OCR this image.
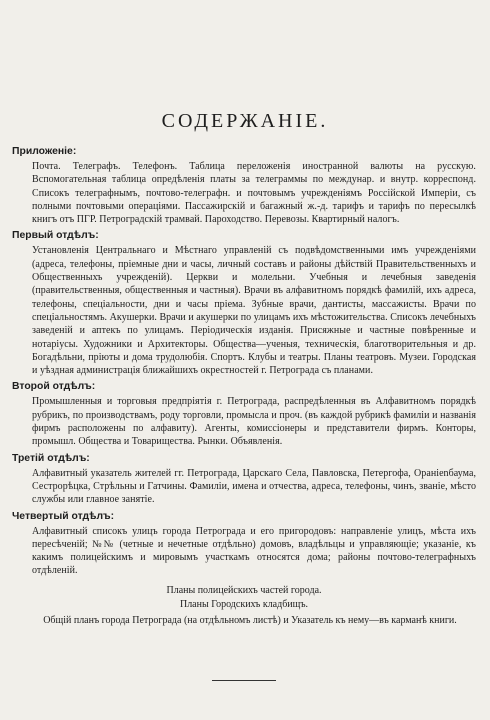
СОДЕРЖАНІЕ.

Приложеніе:

Почта. Телеграфъ. Телефонъ. Таблица переложенія иностранной валюты на русскую. Вспомогательная таблица опредѣленія платы за телеграммы по междунар. и внутр. корреспонд. Списокъ телеграфнымъ, почтово-телеграфн. и почтовымъ учрежденіямъ Россійской Имперіи, съ полными почтовыми операціями. Пассажирскій и багажный ж.-д. тарифъ и тарифъ по пересылкѣ книгъ отъ ПГР. Петроградскій трамвай. Пароходство. Перевозы. Квартирный налогъ.

Первый отдѣлъ:

Установленія Центральнаго и Мѣстнаго управленій съ подвѣдомственными имъ учрежденіями (адреса, телефоны, пріемные дни и часы, личный составъ и районы дѣйствій Правительственныхъ и Общественныхъ учрежденій). Церкви и молельни. Учебныя и лечебныя заведенія (правительственныя, общественныя и частныя). Врачи въ алфавитномъ порядкѣ фамилій, ихъ адреса, телефоны, спеціальности, дни и часы пріема. Зубные врачи, дантисты, массажисты. Врачи по спеціальностямъ. Акушерки. Врачи и акушерки по улицамъ ихъ мѣстожительства. Списокъ лечебныхъ заведеній и аптекъ по улицамъ. Періодическія изданія. Присяжные и частные повѣренные и нотаріусы. Художники и Архитекторы. Общества—ученыя, техническія, благотворительныя и др. Богадѣльни, пріюты и дома трудолюбія. Спортъ. Клубы и театры. Планы театровъ. Музеи. Городская и уѣздная администрація ближайшихъ окрестностей г. Петрограда съ планами.

Второй отдѣлъ:

Промышленныя и торговыя предпріятія г. Петрограда, распредѣленныя въ Алфавитномъ порядкѣ рубрикъ, по производствамъ, роду торговли, промысла и проч. (въ каждой рубрикѣ фамиліи и названія фирмъ расположены по алфавиту). Агенты, комиссіонеры и представители фирмъ. Конторы, промышл. Общества и Товарищества. Рынки. Объявленія.

Третій отдѣлъ:

Алфавитный указатель жителей гг. Петрограда, Царскаго Села, Павловска, Петергофа, Оранienбаума, Сестрорѣцка, Стрѣльны и Гатчины. Фамиліи, имена и отчества, адреса, телефоны, чинъ, званіе, мѣсто службы или главное занятіе.

Четвертый отдѣлъ:

Алфавитный списокъ улицъ города Петрограда и его пригородовъ: направленіе улицъ, мѣста ихъ пересѣченій; №№ (четные и нечетные отдѣльно) домовъ, владѣльцы и управляющіе; указаніе, къ какимъ полицейскимъ и мировымъ участкамъ относятся дома; районы почтово-телеграфныхъ отдѣленій.

Планы полицейскихъ частей города.
Планы Городскихъ кладбищъ.
Общій планъ города Петрограда (на отдѣльномъ листѣ) и Указатель къ нему—въ карманѣ книги.
